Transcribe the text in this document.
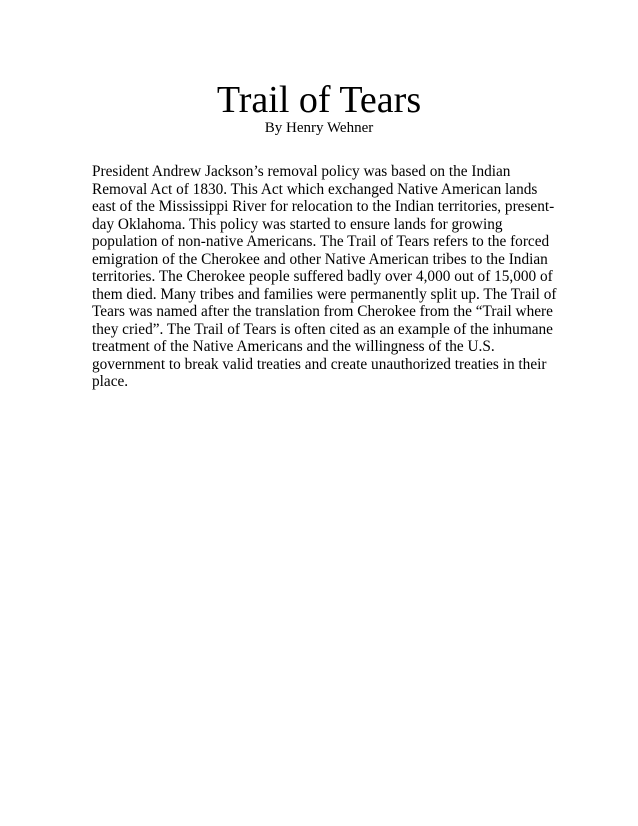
Trail of Tears

By Henry Wehner

President Andrew Jackson’s removal policy was based on the Indian
Removal Act of 1830. This Act which exchanged Native American lands
east of the Mississippi River for relocation to the Indian territories, present-
day Oklahoma. This policy was started to ensure lands for growing
population of non-native Americans. The Trail of Tears refers to the forced
emigration of the Cherokee and other Native American tribes to the Indian
territories. The Cherokee people suffered badly over 4,000 out of 15,000 of
them died. Many tribes and families were permanently split up. The Trail of
Tears was named after the translation from Cherokee from the “Trail where
they cried”. The Trail of Tears is often cited as an example of the inhumane
treatment of the Native Americans and the willingness of the U.S.
government to break valid treaties and create unauthorized treaties in their
place.
